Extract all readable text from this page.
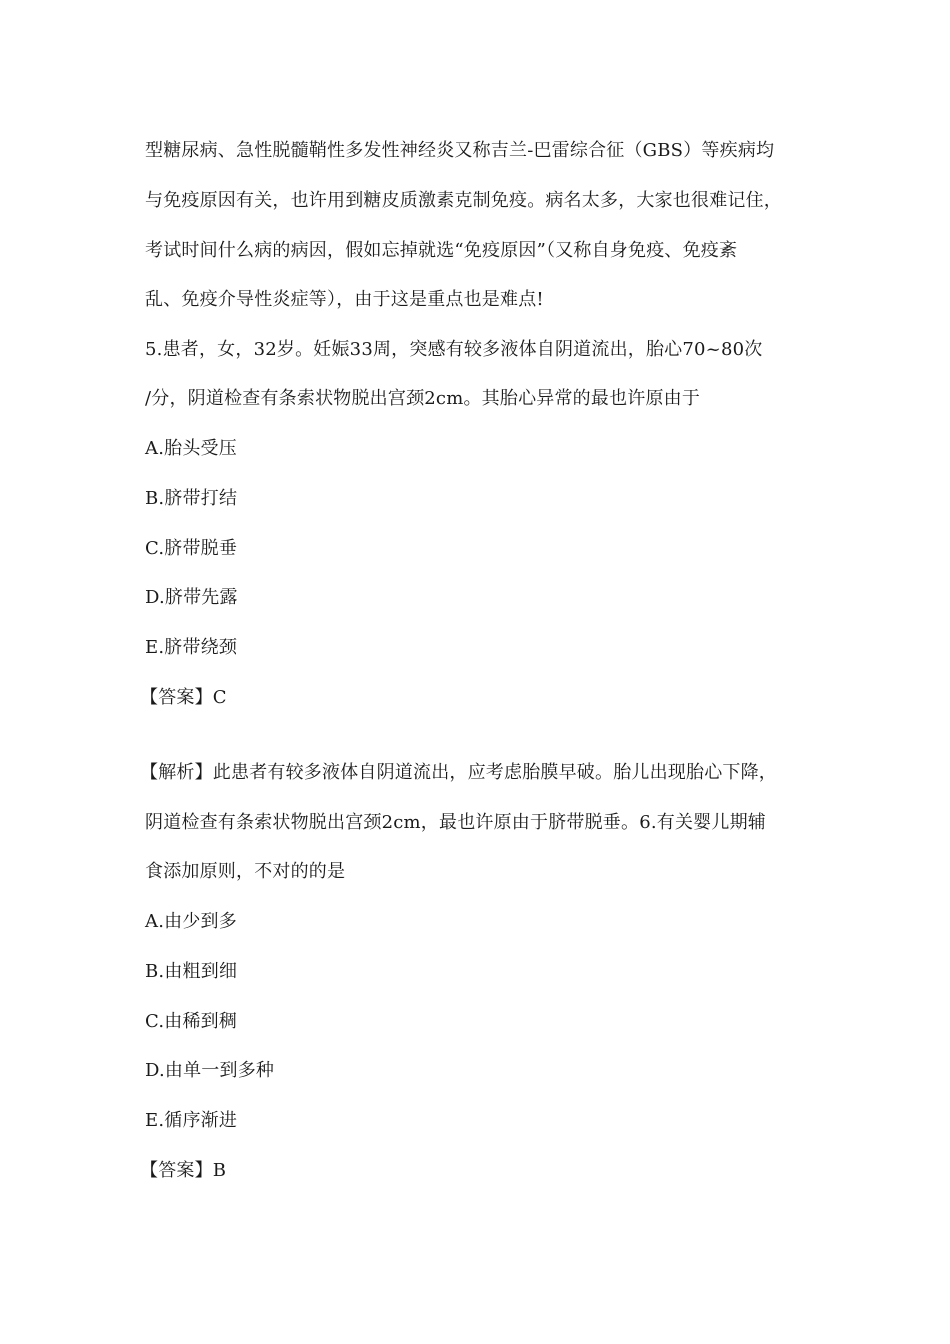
型糖尿病、急性脱髓鞘性多发性神经炎又称吉兰-巴雷综合征（GBS）等疾病均
与免疫原因有关，也许用到糖皮质激素克制免疫。病名太多，大家也很难记住，
考试时间什么病的病因，假如忘掉就选“免疫原因”（又称自身免疫、免疫紊
乱、免疫介导性炎症等），由于这是重点也是难点!
5.患者，女，32岁。妊娠33周，突感有较多液体自阴道流出，胎心70~80次
/分，阴道检查有条索状物脱出宫颈2cm。其胎心异常的最也许原由于
A.胎头受压
B.脐带打结
C.脐带脱垂
D.脐带先露
E.脐带绕颈
【答案】C
【解析】此患者有较多液体自阴道流出，应考虑胎膜早破。胎儿出现胎心下降，
阴道检查有条索状物脱出宫颈2cm，最也许原由于脐带脱垂。6.有关婴儿期辅
食添加原则，不对的的是
A.由少到多
B.由粗到细
C.由稀到稠
D.由单一到多种
E.循序渐进
【答案】B
